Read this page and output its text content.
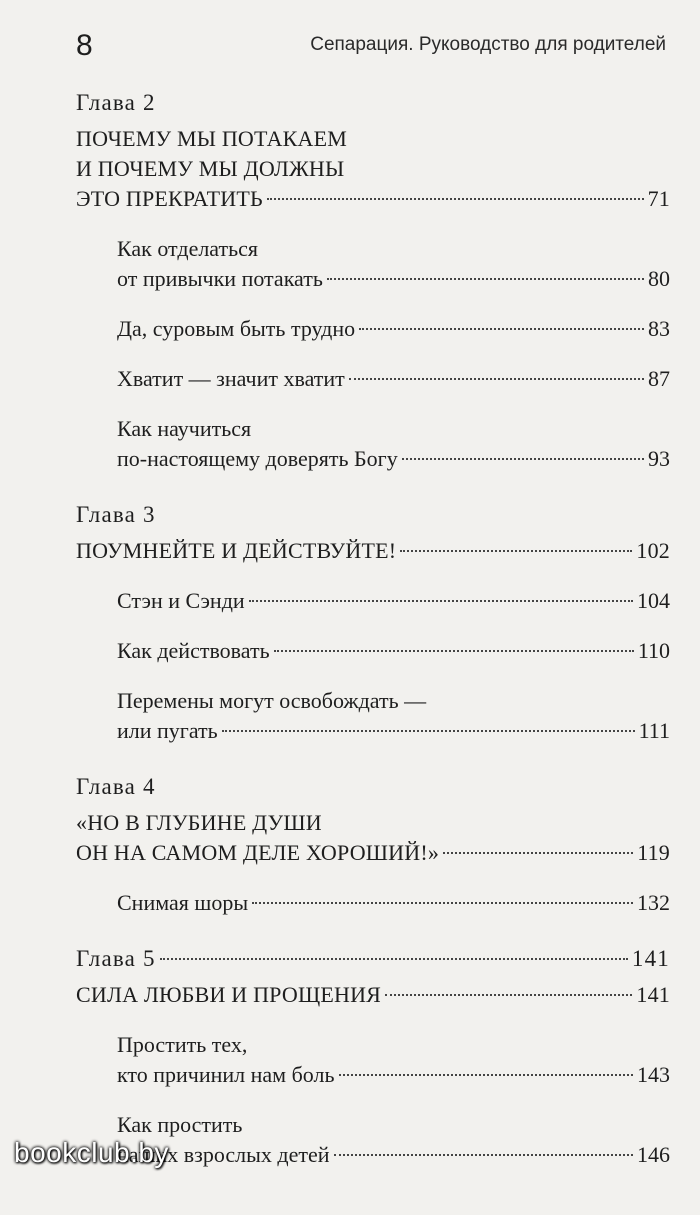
8	Сепарация. Руководство для родителей
Глава 2
ПОЧЕМУ МЫ ПОТАКАЕМ
И ПОЧЕМУ МЫ ДОЛЖНЫ
ЭТО ПРЕКРАТИТЬ	71
Как отделаться
от привычки потакать	80
Да, суровым быть трудно	83
Хватит — значит хватит	87
Как научиться
по-настоящему доверять Богу	93
Глава 3
ПОУМНЕЙТЕ И ДЕЙСТВУЙТЕ!	102
Стэн и Сэнди	104
Как действовать	110
Перемены могут освобождать —
или пугать	111
Глава 4
«НО В ГЛУБИНЕ ДУШИ
ОН НА САМОМ ДЕЛЕ ХОРОШИЙ!»	119
Снимая шоры	132
Глава 5	141
СИЛА ЛЮБВИ И ПРОЩЕНИЯ	141
Простить тех,
кто причинил нам боль	143
Как простить
наших взрослых детей	146
bookclub.by
